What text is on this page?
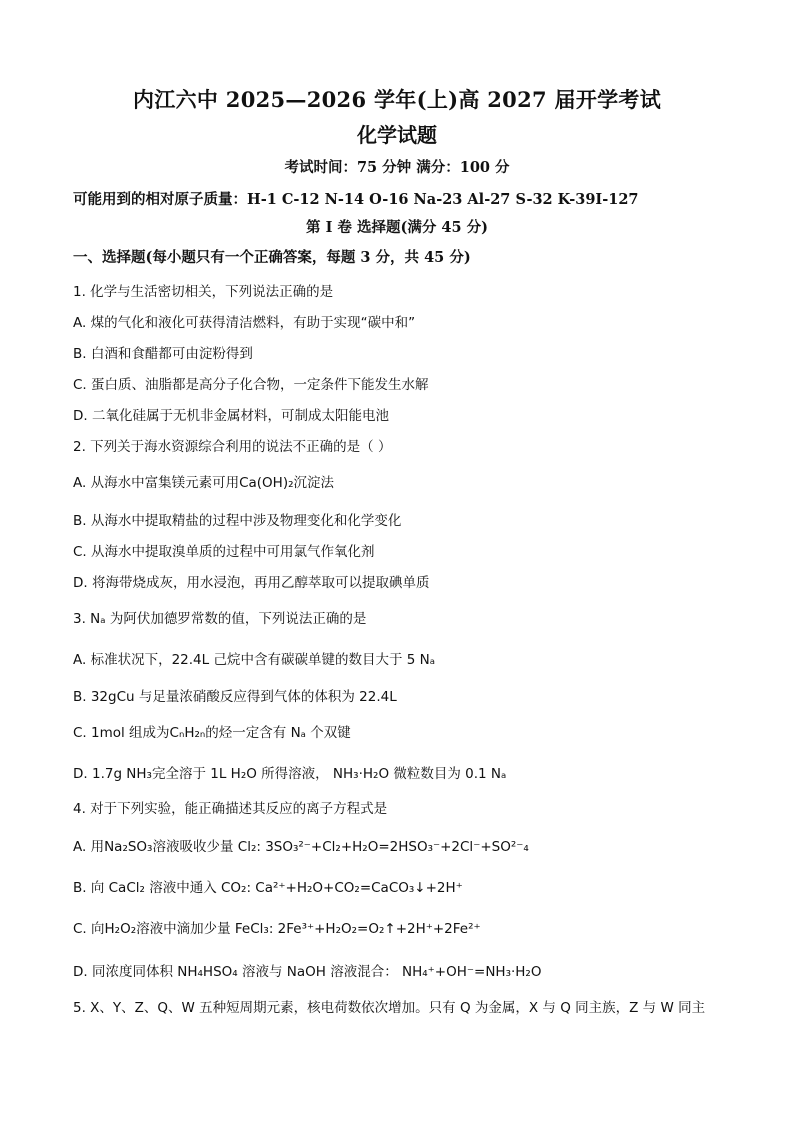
内江六中 2025—2026 学年(上)高 2027 届开学考试
化学试题
考试时间：75 分钟 满分：100 分
可能用到的相对原子质量：H-1 C-12 N-14 O-16 Na-23 Al-27 S-32 K-39I-127
第 I 卷 选择题(满分 45 分)
一、选择题(每小题只有一个正确答案，每题 3 分，共 45 分)
1. 化学与生活密切相关，下列说法正确的是
A. 煤的气化和液化可获得清洁燃料，有助于实现“碳中和”
B. 白酒和食醋都可由淀粉得到
C. 蛋白质、油脂都是高分子化合物，一定条件下能发生水解
D. 二氧化硅属于无机非金属材料，可制成太阳能电池
2. 下列关于海水资源综合利用的说法不正确的是（ ）
A. 从海水中富集镁元素可用Ca(OH)₂沉淀法
B. 从海水中提取精盐的过程中涉及物理变化和化学变化
C. 从海水中提取溴单质的过程中可用氯气作氧化剂
D. 将海带烧成灰，用水浸泡，再用乙醇萃取可以提取碘单质
3. Nₐ 为阿伏加德罗常数的值，下列说法正确的是
A. 标准状况下，22.4L 己烷中含有碳碳单键的数目大于 5 Nₐ
B. 32gCu 与足量浓硝酸反应得到气体的体积为 22.4L
C. 1mol 组成为CₙH₂ₙ的烃一定含有 Nₐ 个双键
D. 1.7g NH₃完全溶于 1L H₂O 所得溶液， NH₃·H₂O 微粒数目为 0.1 Nₐ
4. 对于下列实验，能正确描述其反应的离子方程式是
A. 用Na₂SO₃溶液吸收少量 Cl₂: 3SO₃²⁻+Cl₂+H₂O=2HSO₃⁻+2Cl⁻+SO²⁻₄
B. 向 CaCl₂ 溶液中通入 CO₂: Ca²⁺+H₂O+CO₂=CaCO₃↓+2H⁺
C. 向H₂O₂溶液中滴加少量 FeCl₃: 2Fe³⁺+H₂O₂=O₂↑+2H⁺+2Fe²⁺
D. 同浓度同体积 NH₄HSO₄ 溶液与 NaOH 溶液混合： NH₄⁺+OH⁻=NH₃·H₂O
5. X、Y、Z、Q、W 五种短周期元素，核电荷数依次增加。只有 Q 为金属，X 与 Q 同主族，Z 与 W 同主
